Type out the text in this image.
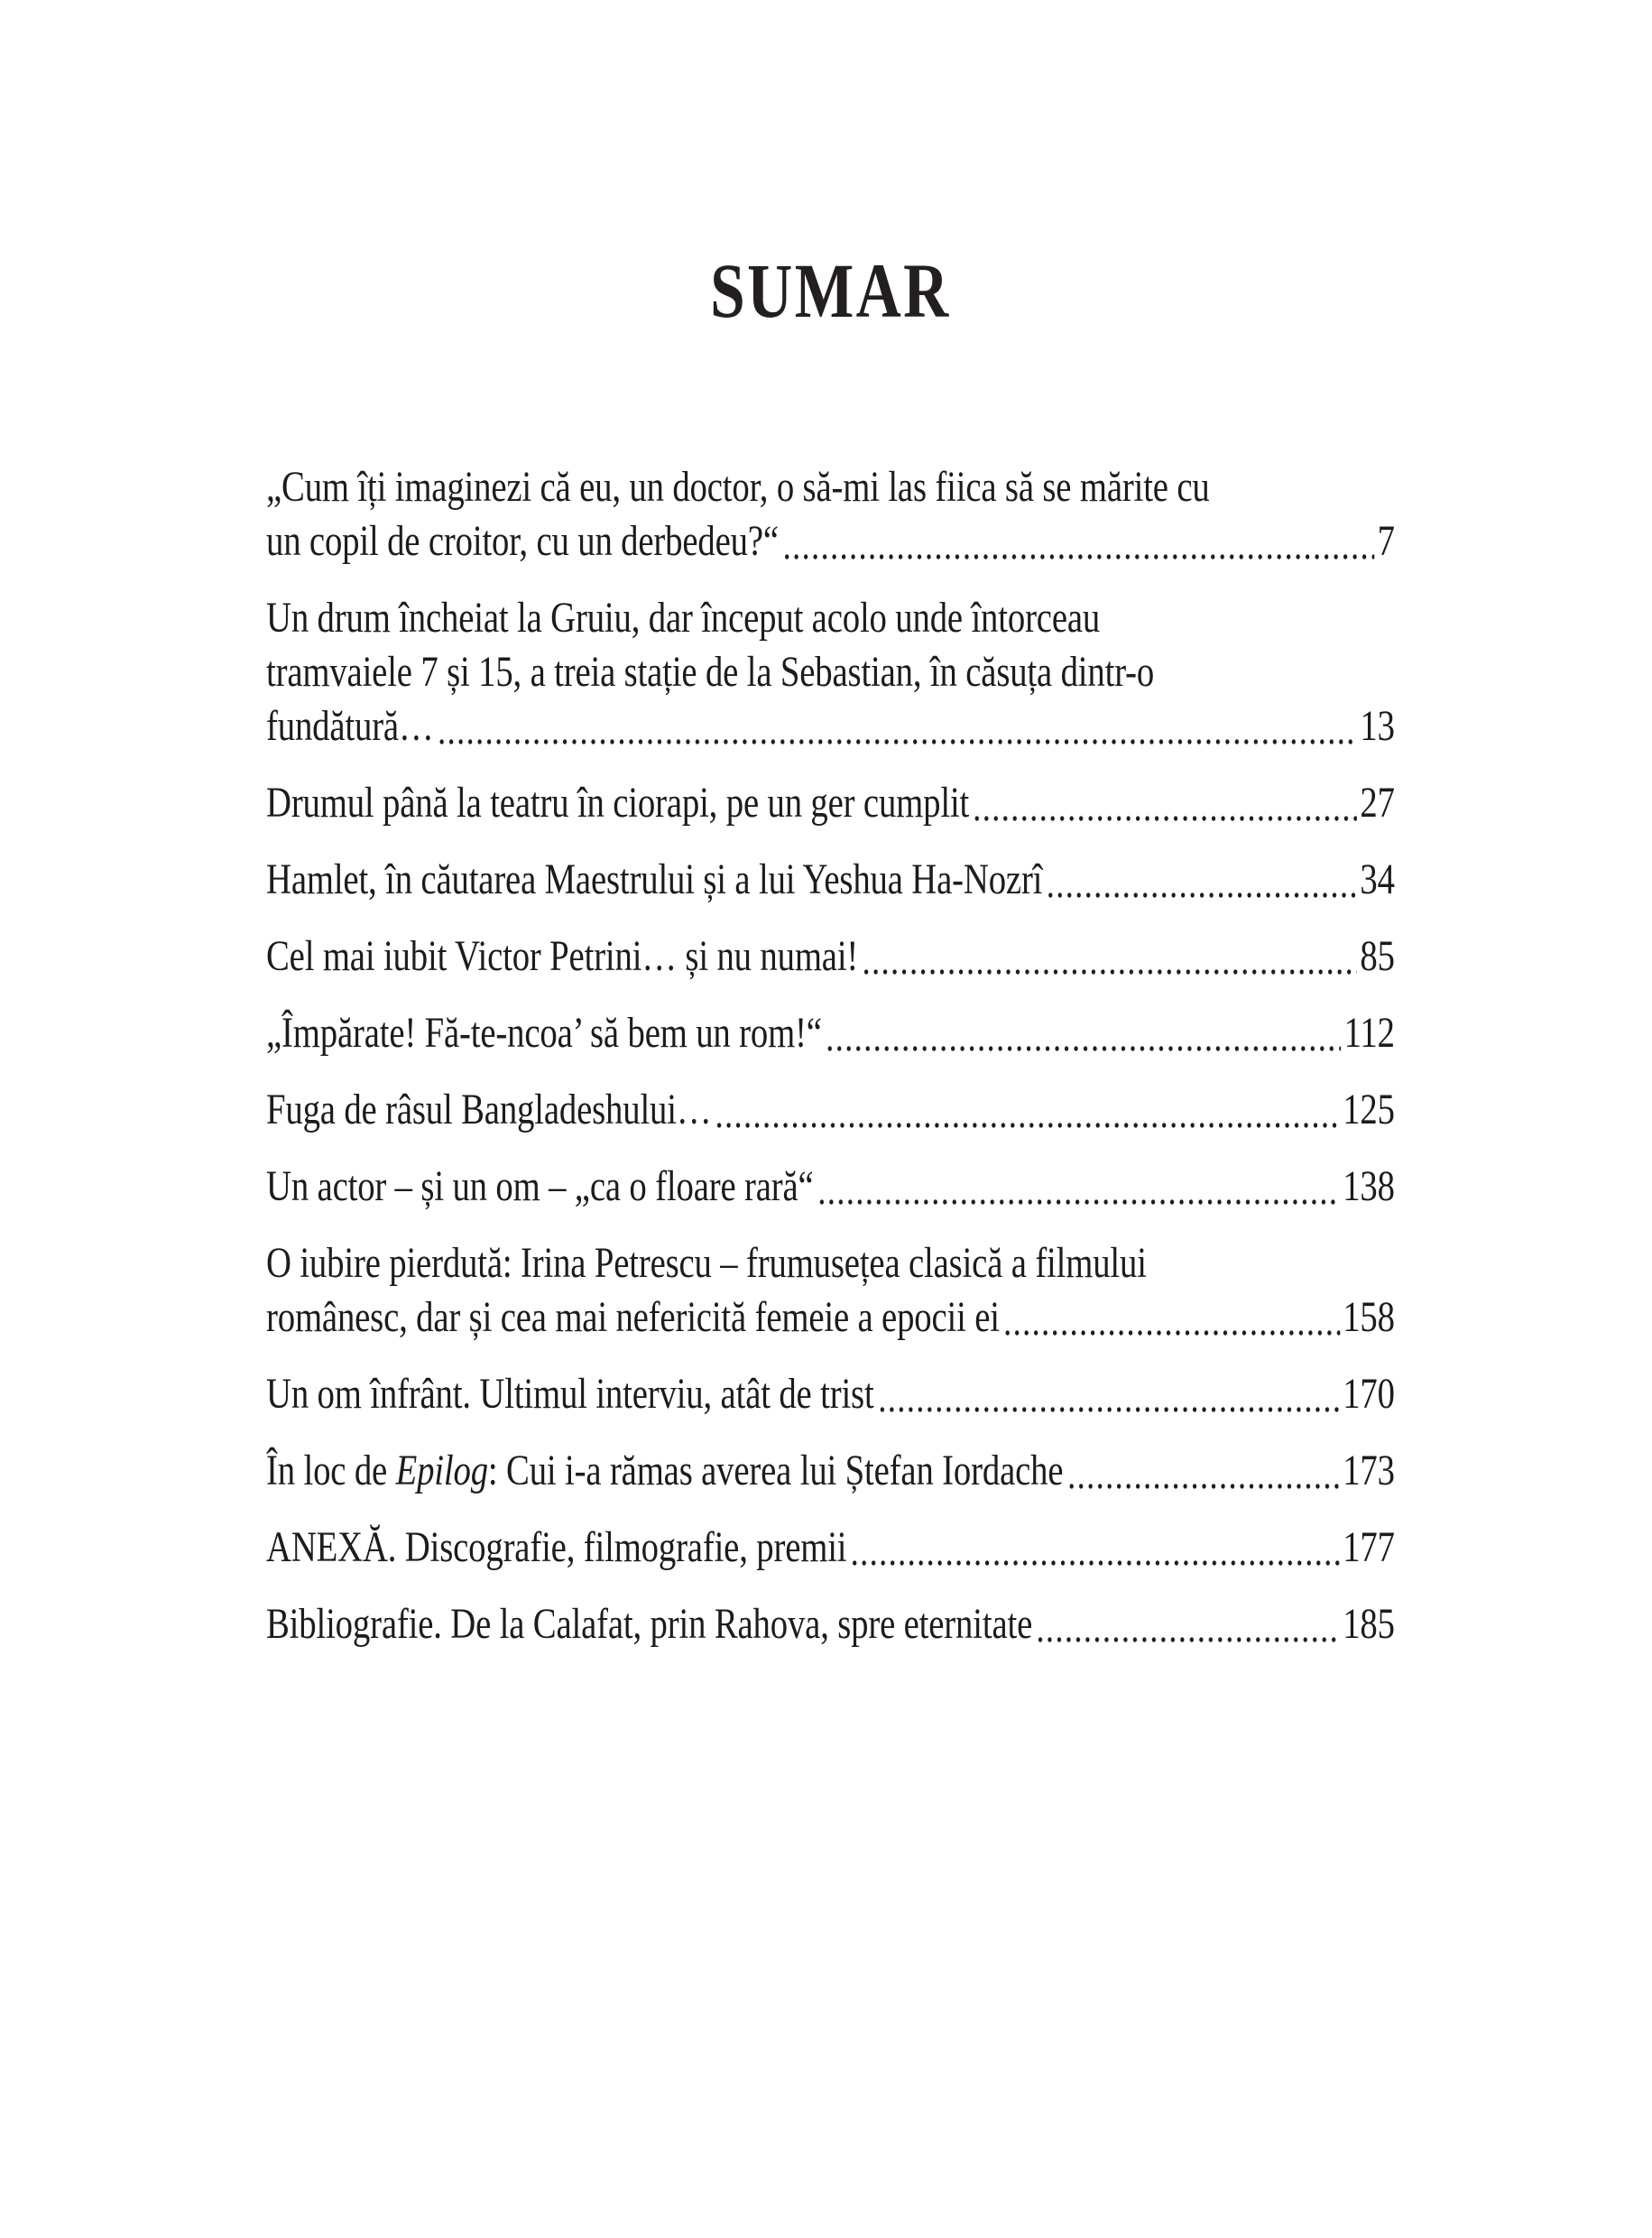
SUMAR
„Cum îți imaginezi că eu, un doctor, o să-mi las fiica să se mărite cu
un copil de croitor, cu un derbedeu?“	7
Un drum încheiat la Gruiu, dar început acolo unde întorceau
tramvaiele 7 și 15, a treia stație de la Sebastian, în căsuța dintr-o
fundătură…	13
Drumul până la teatru în ciorapi, pe un ger cumplit	27
Hamlet, în căutarea Maestrului și a lui Yeshua Ha-Nozrî	34
Cel mai iubit Victor Petrini… și nu numai!	85
„Împărate! Fă-te-ncoa’ să bem un rom!“	112
Fuga de râsul Bangladeshului…	125
Un actor – și un om – „ca o floare rară“	138
O iubire pierdută: Irina Petrescu – frumusețea clasică a filmului
românesc, dar și cea mai nefericită femeie a epocii ei	158
Un om înfrânt. Ultimul interviu, atât de trist	170
În loc de Epilog: Cui i-a rămas averea lui Ștefan Iordache	173
ANEXĂ. Discografie, filmografie, premii	177
Bibliografie. De la Calafat, prin Rahova, spre eternitate	185
